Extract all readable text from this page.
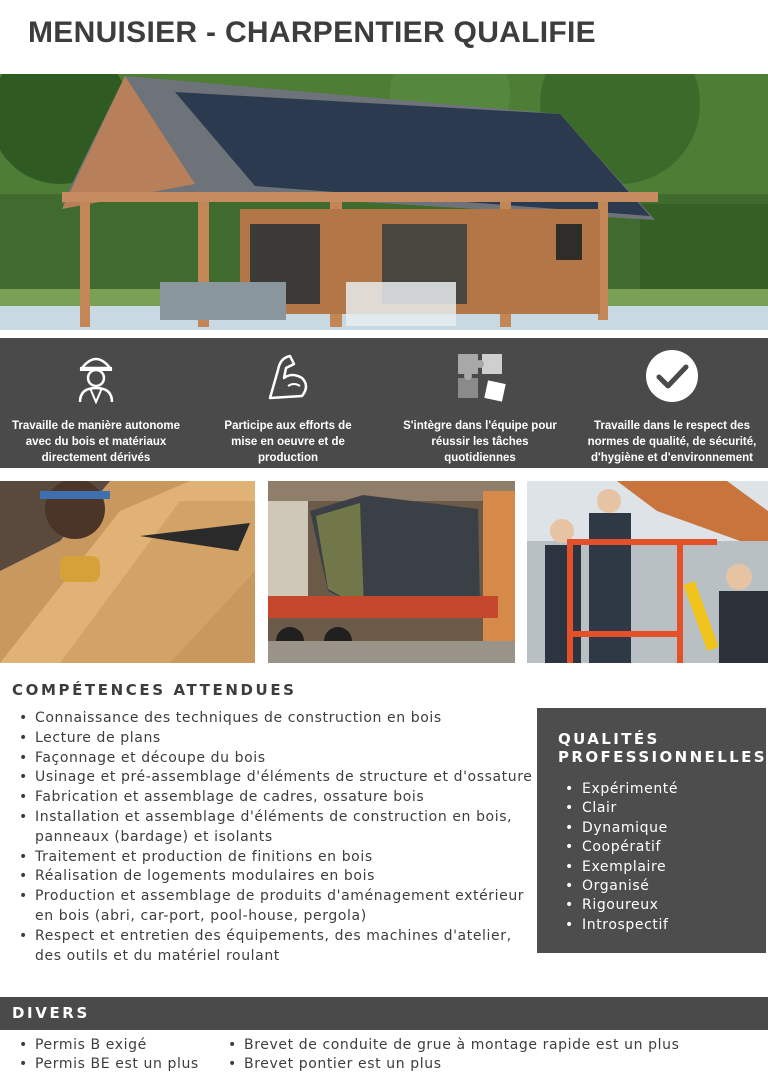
MENUISIER - CHARPENTIER QUALIFIE
Travaille de manière autonome
avec du bois et matériaux
directement dérivés
Participe aux efforts de
mise en oeuvre et de
production
S'intègre dans l'équipe pour
réussir les tâches
quotidiennes
Travaille dans le respect des
normes de qualité, de sécurité,
d'hygiène et d'environnement
COMPÉTENCES ATTENDUES
• Connaissance des techniques de construction en bois
• Lecture de plans
• Façonnage et découpe du bois
• Usinage et pré-assemblage d'éléments de structure et d'ossature
• Fabrication et assemblage de cadres, ossature bois
• Installation et assemblage d'éléments de construction en bois, panneaux (bardage) et isolants
• Traitement et production de finitions en bois
• Réalisation de logements modulaires en bois
• Production et assemblage de produits d'aménagement extérieur en bois (abri, car-port, pool-house, pergola)
• Respect et entretien des équipements, des machines d'atelier, des outils et du matériel roulant
QUALITÉS
PROFESSIONNELLES
• Expérimenté
• Clair
• Dynamique
• Coopératif
• Exemplaire
• Organisé
• Rigoureux
• Introspectif
DIVERS
• Permis B exigé
• Permis BE est un plus
• Brevet de conduite de grue à montage rapide est un plus
• Brevet pontier est un plus
